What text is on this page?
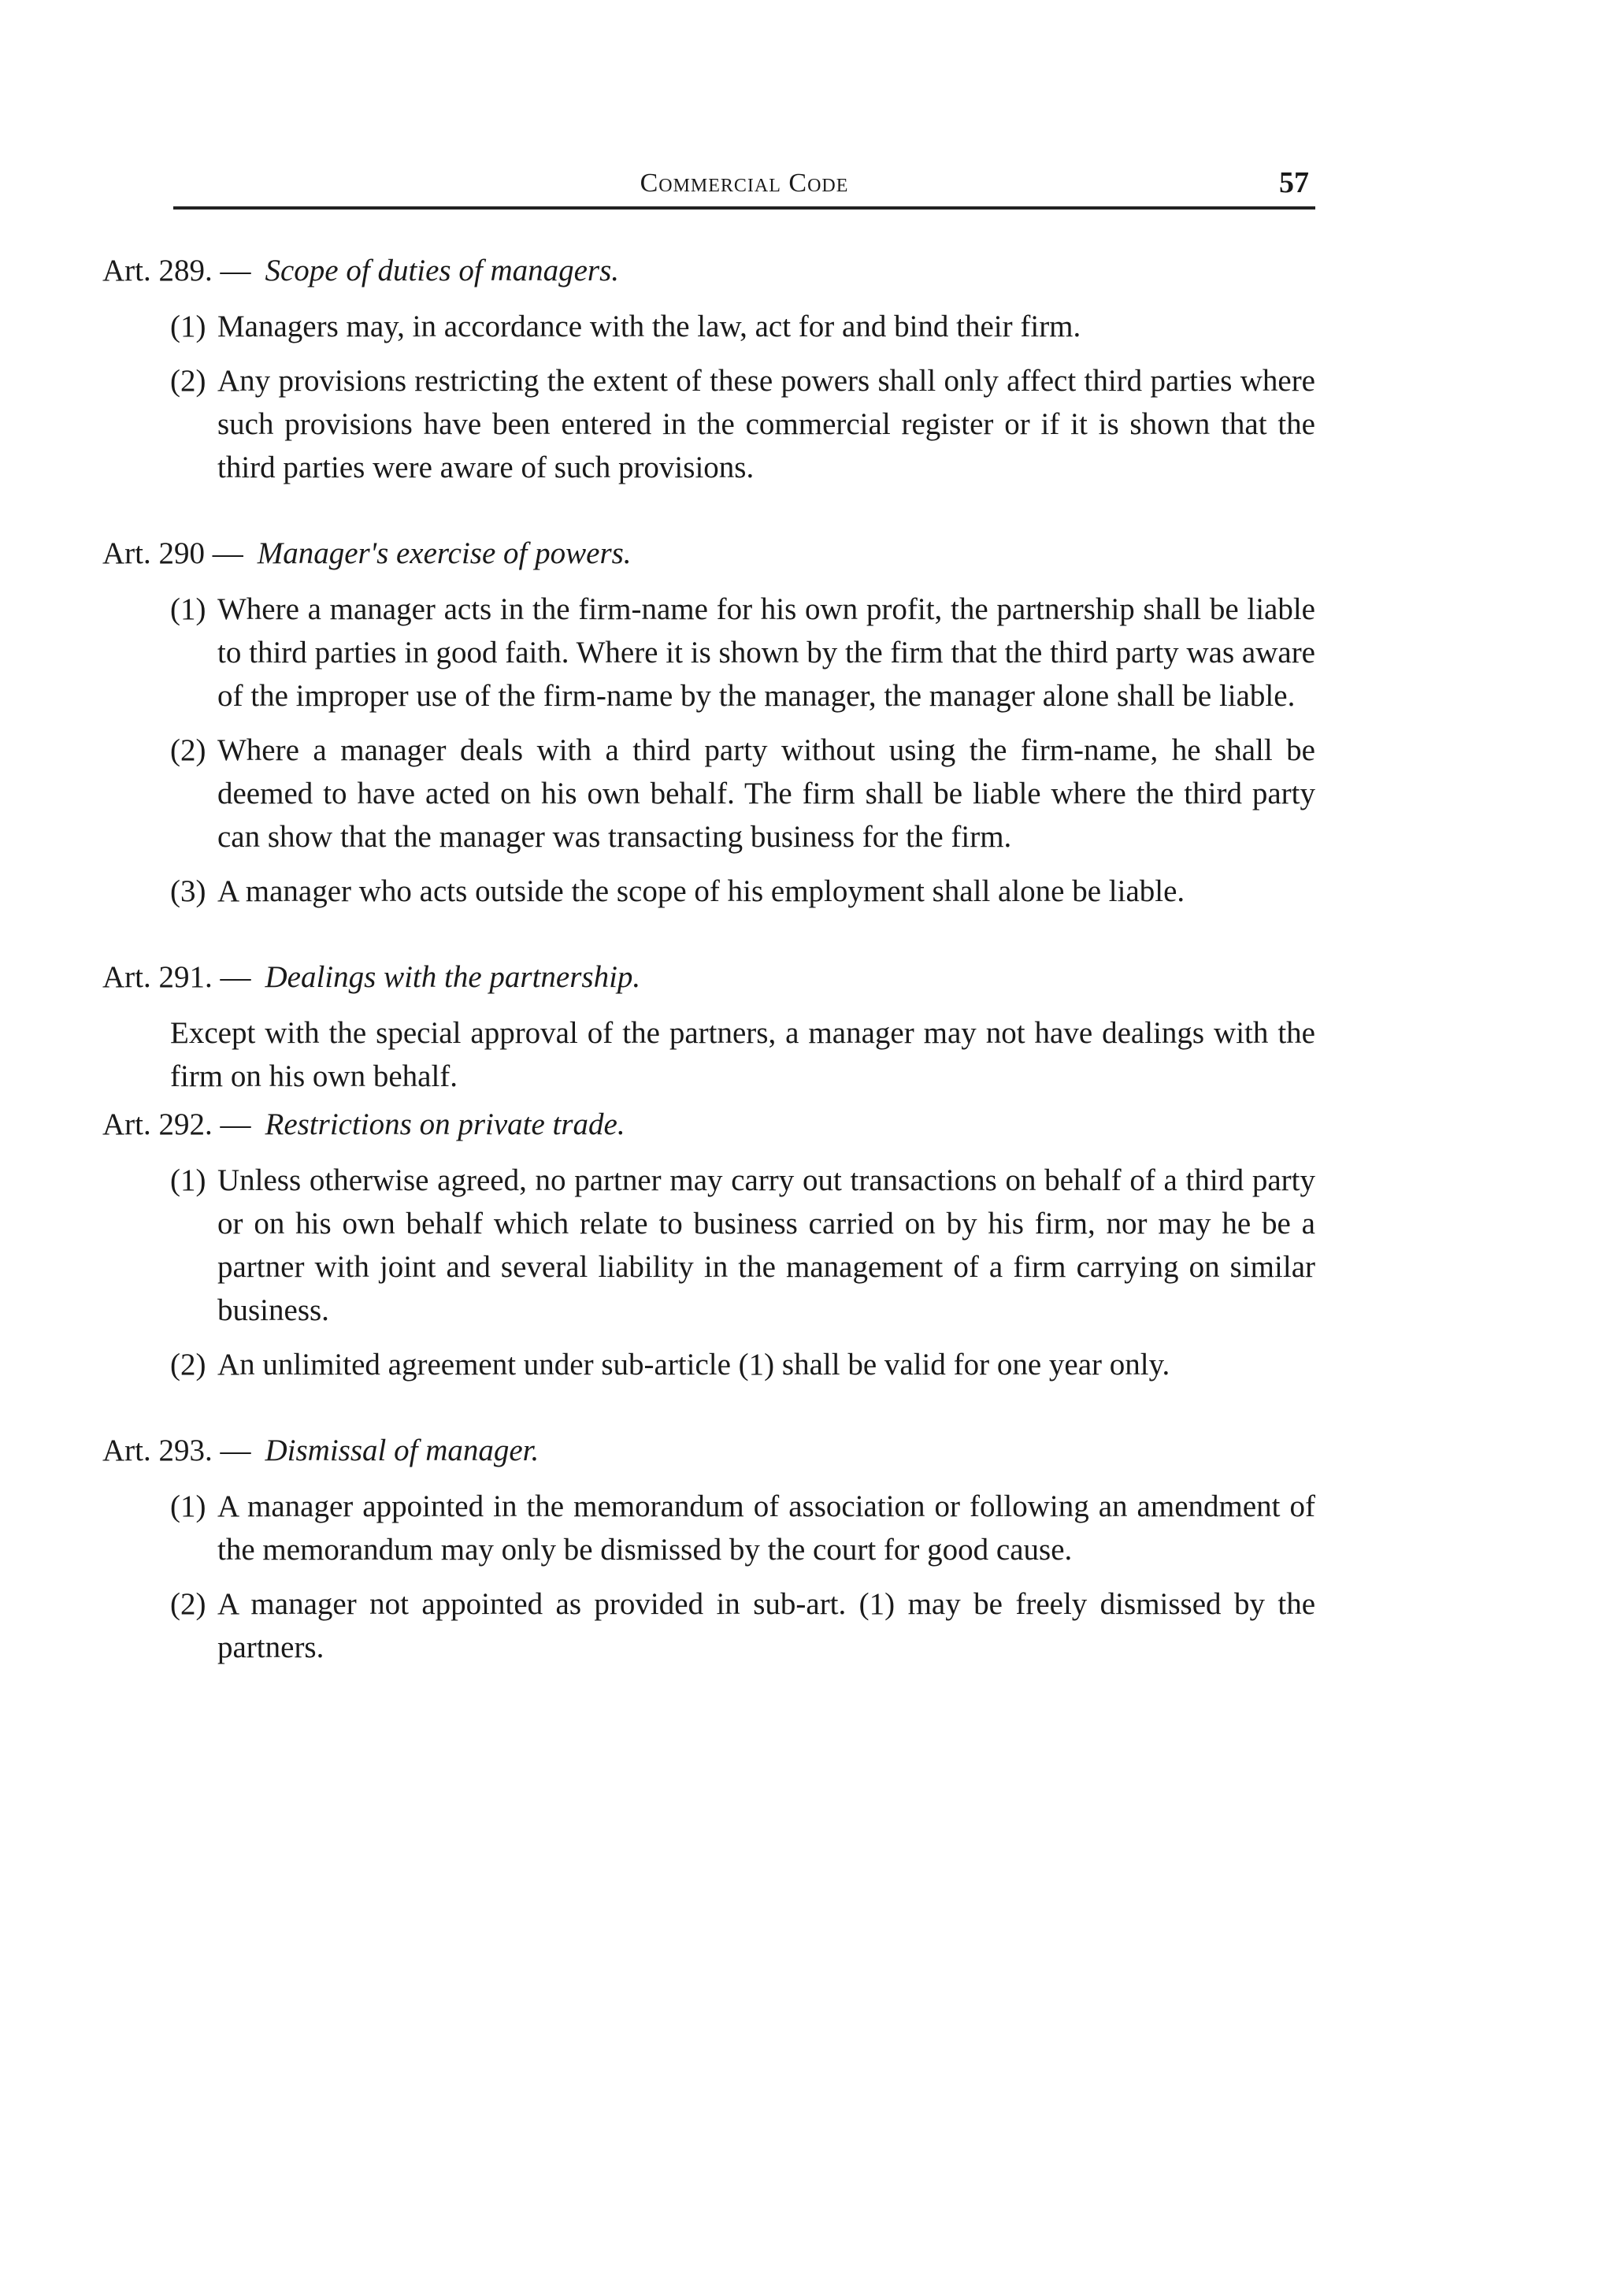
Commercial Code	57
Art. 289. — Scope of duties of managers.
(1) Managers may, in accordance with the law, act for and bind their firm.
(2) Any provisions restricting the extent of these powers shall only affect third parties where such provisions have been entered in the commercial register or if it is shown that the third parties were aware of such provisions.
Art. 290 — Manager's exercise of powers.
(1) Where a manager acts in the firm-name for his own profit, the partnership shall be liable to third parties in good faith. Where it is shown by the firm that the third party was aware of the improper use of the firm-name by the manager, the manager alone shall be liable.
(2) Where a manager deals with a third party without using the firm-name, he shall be deemed to have acted on his own behalf. The firm shall be liable where the third party can show that the manager was transacting business for the firm.
(3) A manager who acts outside the scope of his employment shall alone be liable.
Art. 291. — Dealings with the partnership.
Except with the special approval of the partners, a manager may not have dealings with the firm on his own behalf.
Art. 292. — Restrictions on private trade.
(1) Unless otherwise agreed, no partner may carry out transactions on behalf of a third party or on his own behalf which relate to business carried on by his firm, nor may he be a partner with joint and several liability in the management of a firm carrying on similar business.
(2) An unlimited agreement under sub-article (1) shall be valid for one year only.
Art. 293. — Dismissal of manager.
(1) A manager appointed in the memorandum of association or following an amendment of the memorandum may only be dismissed by the court for good cause.
(2) A manager not appointed as provided in sub-art. (1) may be freely dismissed by the partners.
